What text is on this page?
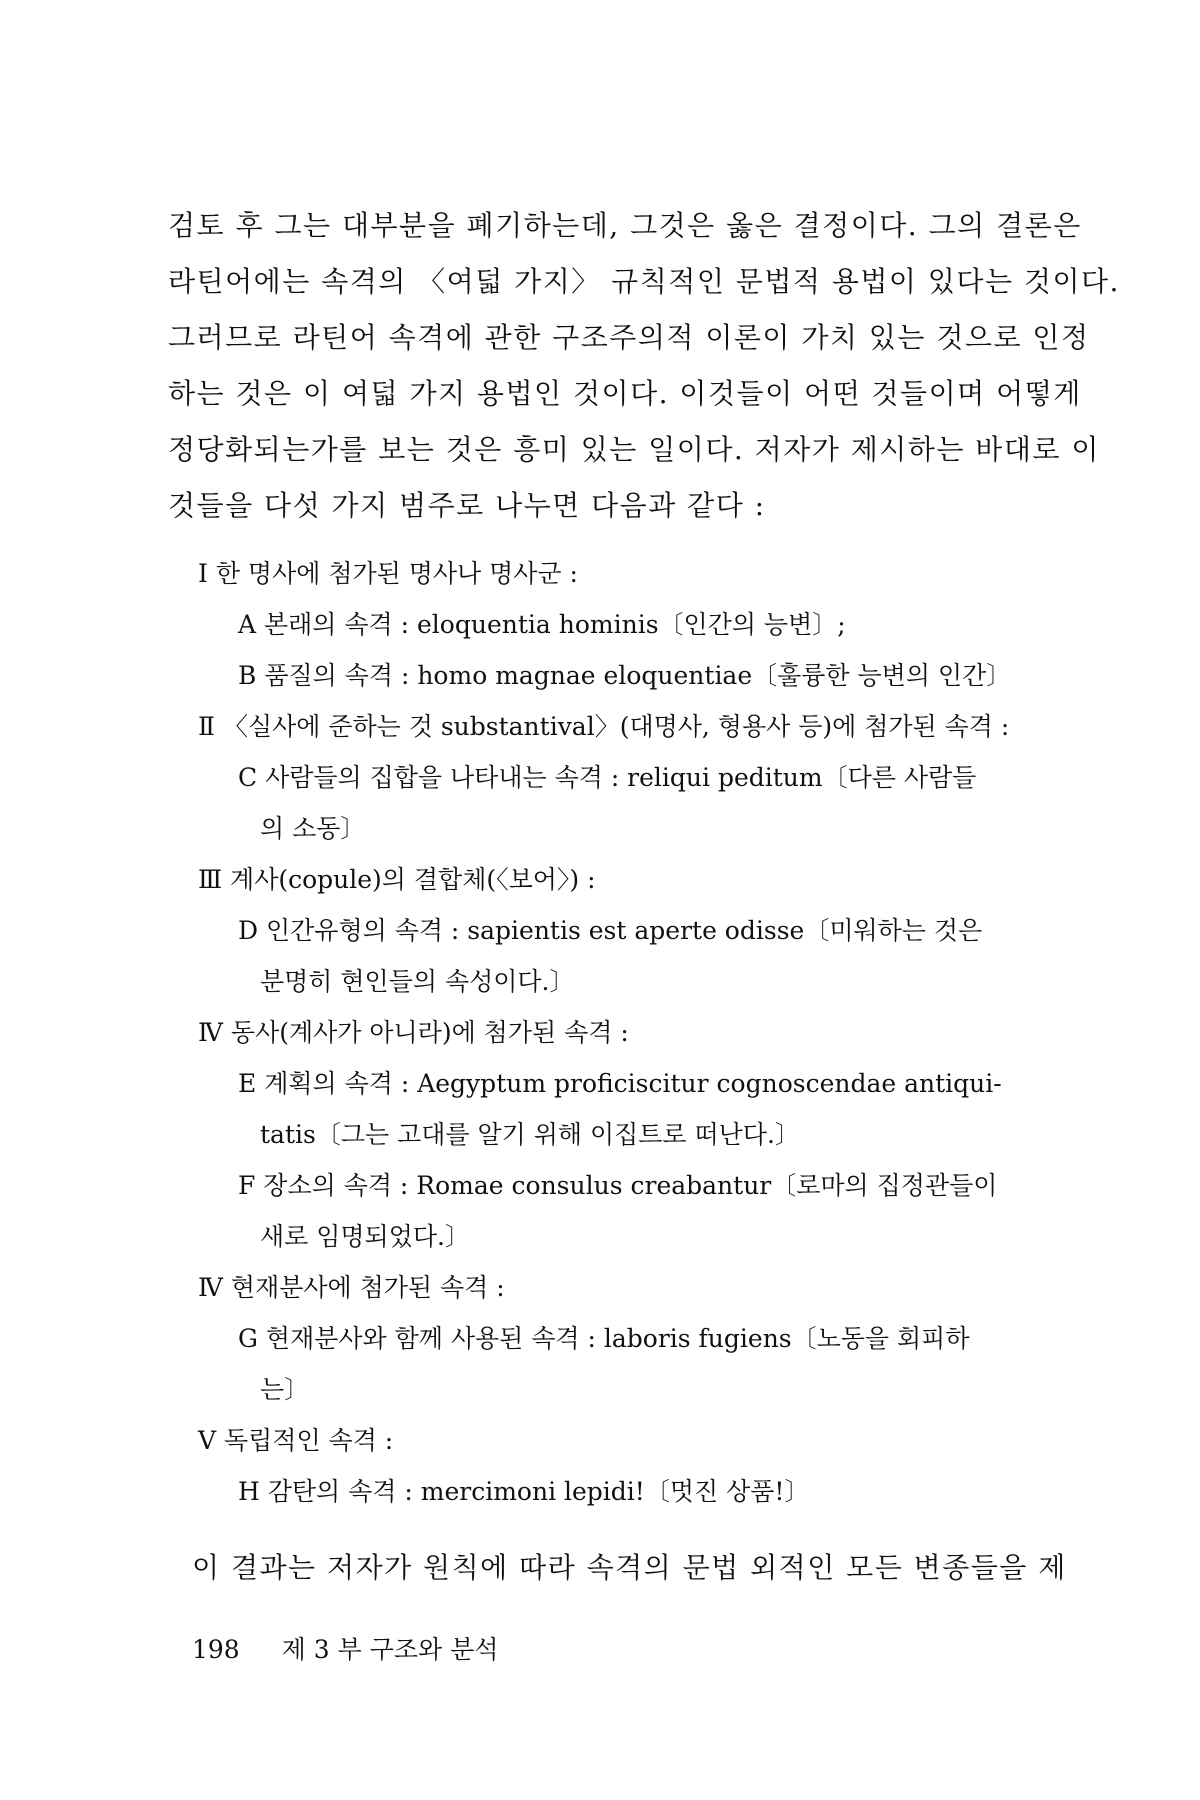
검토 후 그는 대부분을 폐기하는데, 그것은 옳은 결정이다. 그의 결론은
라틴어에는 속격의 〈여덟 가지〉 규칙적인 문법적 용법이 있다는 것이다.
그러므로 라틴어 속격에 관한 구조주의적 이론이 가치 있는 것으로 인정
하는 것은 이 여덟 가지 용법인 것이다. 이것들이 어떤 것들이며 어떻게
정당화되는가를 보는 것은 흥미 있는 일이다. 저자가 제시하는 바대로 이
것들을 다섯 가지 범주로 나누면 다음과 같다 :

I 한 명사에 첨가된 명사나 명사군 :
A 본래의 속격 : eloquentia hominis〔인간의 능변〕;
B 품질의 속격 : homo magnae eloquentiae〔훌륭한 능변의 인간〕
Ⅱ 〈실사에 준하는 것 substantival〉(대명사, 형용사 등)에 첨가된 속격 :
C 사람들의 집합을 나타내는 속격 : reliqui peditum〔다른 사람들
의 소동〕
Ⅲ 계사(copule)의 결합체(〈보어〉) :
D 인간유형의 속격 : sapientis est aperte odisse〔미워하는 것은
분명히 현인들의 속성이다.〕
Ⅳ 동사(계사가 아니라)에 첨가된 속격 :
E 계획의 속격 : Aegyptum proficiscitur cognoscendae antiqui-
tatis〔그는 고대를 알기 위해 이집트로 떠난다.〕
F 장소의 속격 : Romae consulus creabantur〔로마의 집정관들이
새로 임명되었다.〕
Ⅳ 현재분사에 첨가된 속격 :
G 현재분사와 함께 사용된 속격 : laboris fugiens〔노동을 회피하
는〕
Ⅴ 독립적인 속격 :
H 감탄의 속격 : mercimoni lepidi!〔멋진 상품!〕

이 결과는 저자가 원칙에 따라 속격의 문법 외적인 모든 변종들을 제

198 제 3 부 구조와 분석
